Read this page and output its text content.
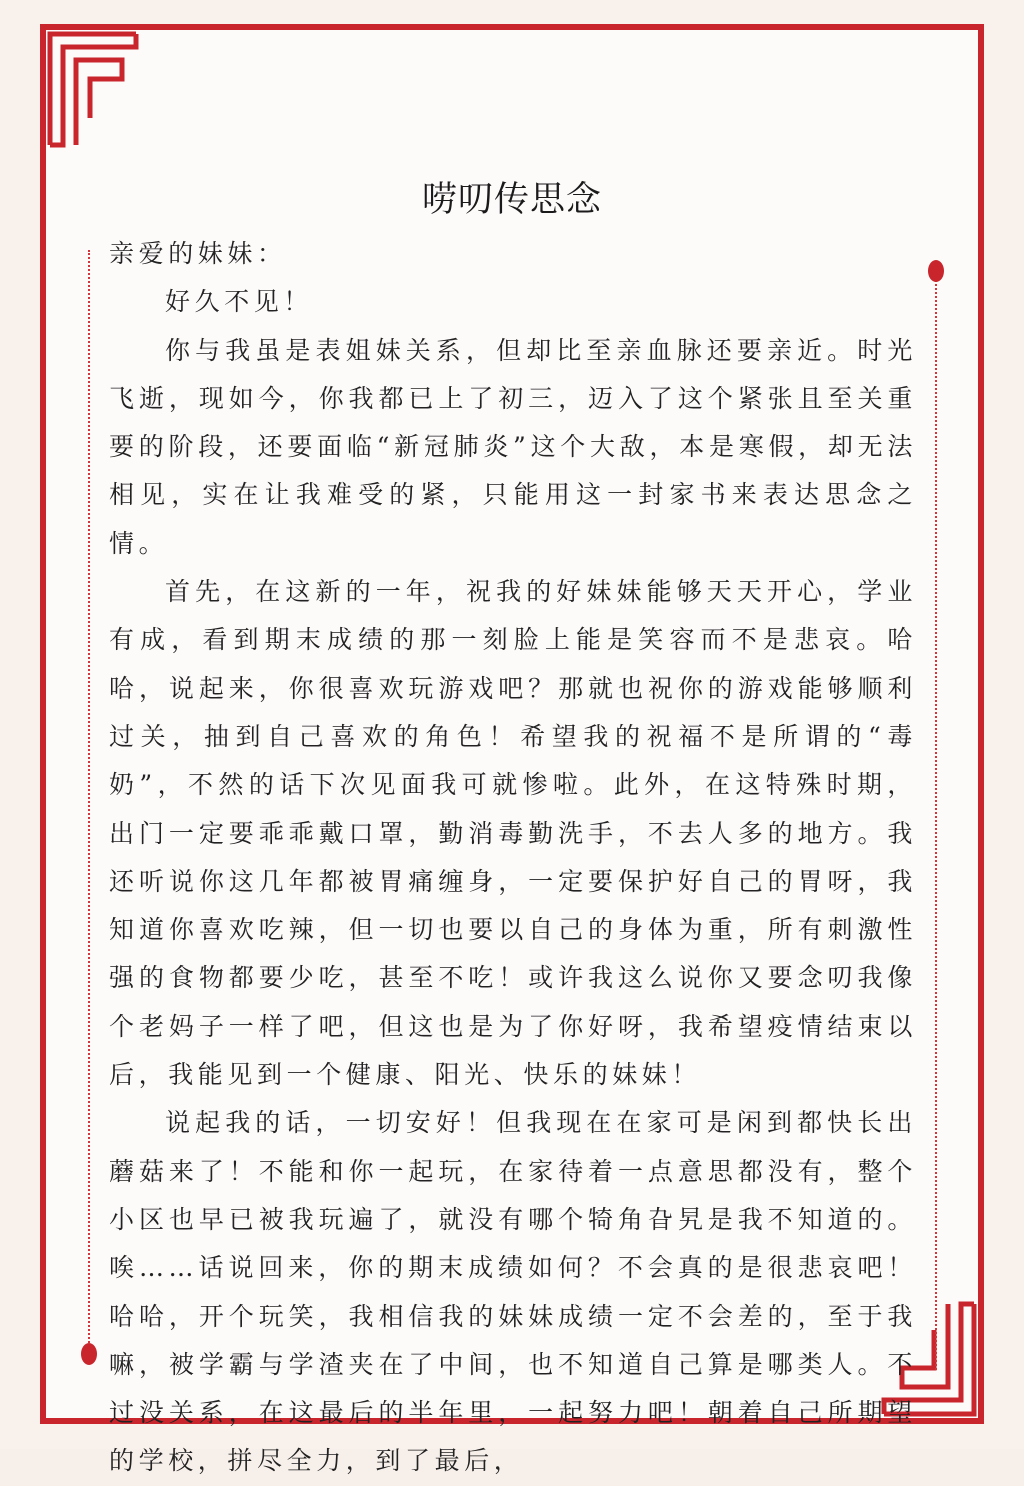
唠叨传思念

亲爱的妹妹：

好久不见！

你与我虽是表姐妹关系，但却比至亲血脉还要亲近。时光飞逝，现如今，你我都已上了初三，迈入了这个紧张且至关重要的阶段，还要面临“新冠肺炎”这个大敌，本是寒假，却无法相见，实在让我难受的紧，只能用这一封家书来表达思念之情。

首先，在这新的一年，祝我的好妹妹能够天天开心，学业有成，看到期末成绩的那一刻脸上能是笑容而不是悲哀。哈哈，说起来，你很喜欢玩游戏吧？那就也祝你的游戏能够顺利过关，抽到自己喜欢的角色！希望我的祝福不是所谓的“毒奶”，不然的话下次见面我可就惨啦。此外，在这特殊时期，出门一定要乖乖戴口罩，勤消毒勤洗手，不去人多的地方。我还听说你这几年都被胃痛缠身，一定要保护好自己的胃呀，我知道你喜欢吃辣，但一切也要以自己的身体为重，所有刺激性强的食物都要少吃，甚至不吃！或许我这么说你又要念叨我像个老妈子一样了吧，但这也是为了你好呀，我希望疫情结束以后，我能见到一个健康、阳光、快乐的妹妹！

说起我的话，一切安好！但我现在在家可是闲到都快长出蘑菇来了！不能和你一起玩，在家待着一点意思都没有，整个小区也早已被我玩遍了，就没有哪个犄角旮旯是我不知道的。唉……话说回来，你的期末成绩如何？不会真的是很悲哀吧！哈哈，开个玩笑，我相信我的妹妹成绩一定不会差的，至于我嘛，被学霸与学渣夹在了中间，也不知道自己算是哪类人。不过没关系，在这最后的半年里，一起努力吧！朝着自己所期望的学校，拼尽全力，到了最后，
